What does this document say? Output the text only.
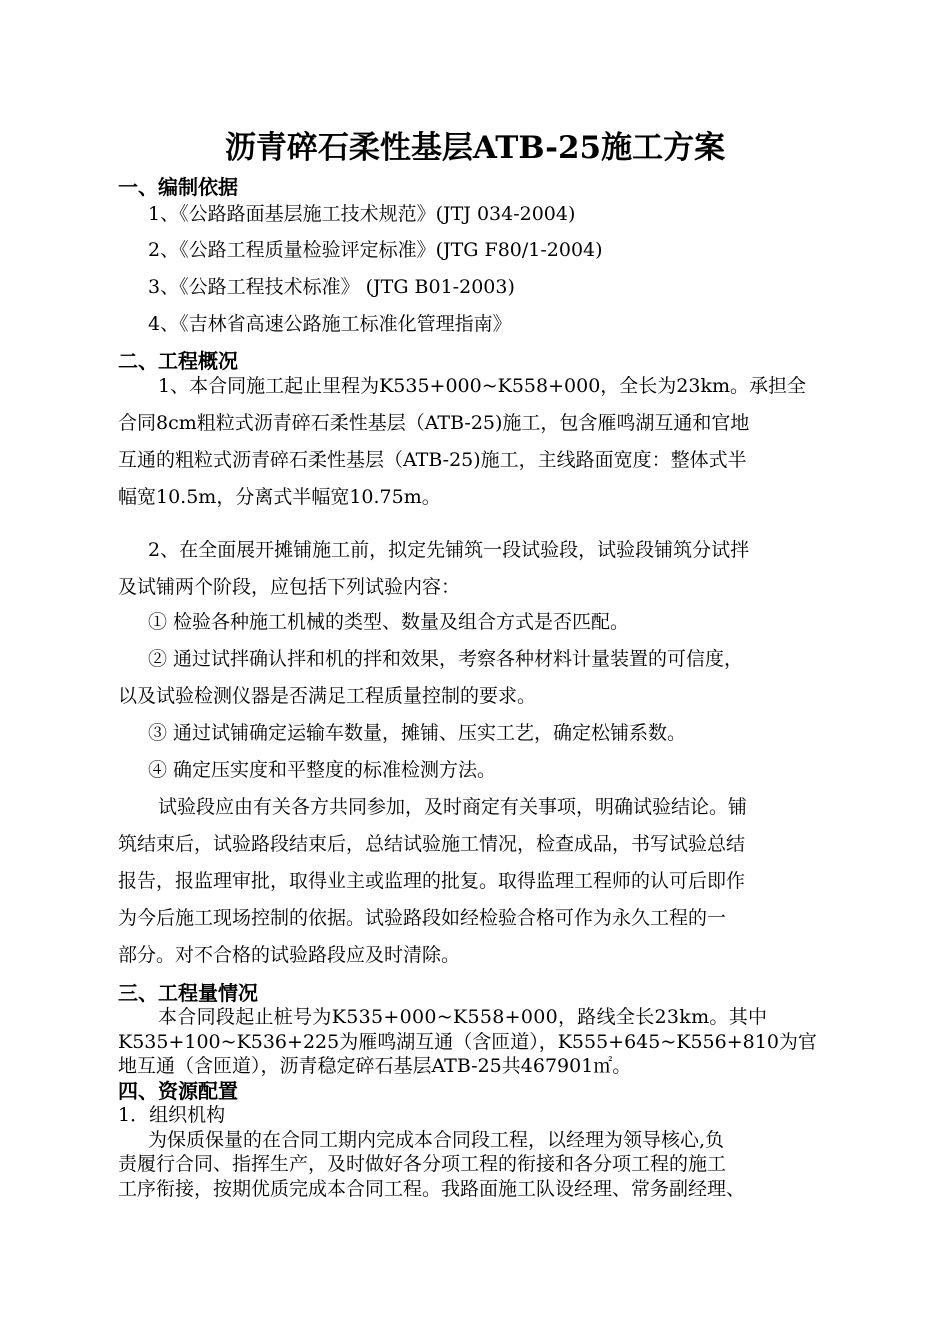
沥青碎石柔性基层ATB-25施工方案
一、编制依据
1、《公路路面基层施工技术规范》(JTJ 034-2004)
2、《公路工程质量检验评定标准》(JTG F80/1-2004)
3、《公路工程技术标准》 (JTG B01-2003)
4、《吉林省高速公路施工标准化管理指南》
二、工程概况
1、本合同施工起止里程为K535+000~K558+000，全长为23km。承担全
合同8cm粗粒式沥青碎石柔性基层（ATB-25)施工，包含雁鸣湖互通和官地
互通的粗粒式沥青碎石柔性基层（ATB-25)施工，主线路面宽度：整体式半
幅宽10.5m，分离式半幅宽10.75m。
2、在全面展开摊铺施工前，拟定先铺筑一段试验段，试验段铺筑分试拌
及试铺两个阶段，应包括下列试验内容：
① 检验各种施工机械的类型、数量及组合方式是否匹配。
② 通过试拌确认拌和机的拌和效果，考察各种材料计量装置的可信度，
以及试验检测仪器是否满足工程质量控制的要求。
③ 通过试铺确定运输车数量，摊铺、压实工艺，确定松铺系数。
④ 确定压实度和平整度的标准检测方法。
试验段应由有关各方共同参加，及时商定有关事项，明确试验结论。铺
筑结束后，试验路段结束后，总结试验施工情况，检查成品，书写试验总结
报告，报监理审批，取得业主或监理的批复。取得监理工程师的认可后即作
为今后施工现场控制的依据。试验路段如经检验合格可作为永久工程的一
部分。对不合格的试验路段应及时清除。
三、工程量情况
本合同段起止桩号为K535+000~K558+000，路线全长23km。其中
K535+100~K536+225为雁鸣湖互通（含匝道），K555+645~K556+810为官
地互通（含匝道），沥青稳定碎石基层ATB-25共467901㎡。
四、资源配置
1．组织机构
为保质保量的在合同工期内完成本合同段工程，以经理为领导核心,负
责履行合同、指挥生产，及时做好各分项工程的衔接和各分项工程的施工
工序衔接，按期优质完成本合同工程。我路面施工队设经理、常务副经理、
